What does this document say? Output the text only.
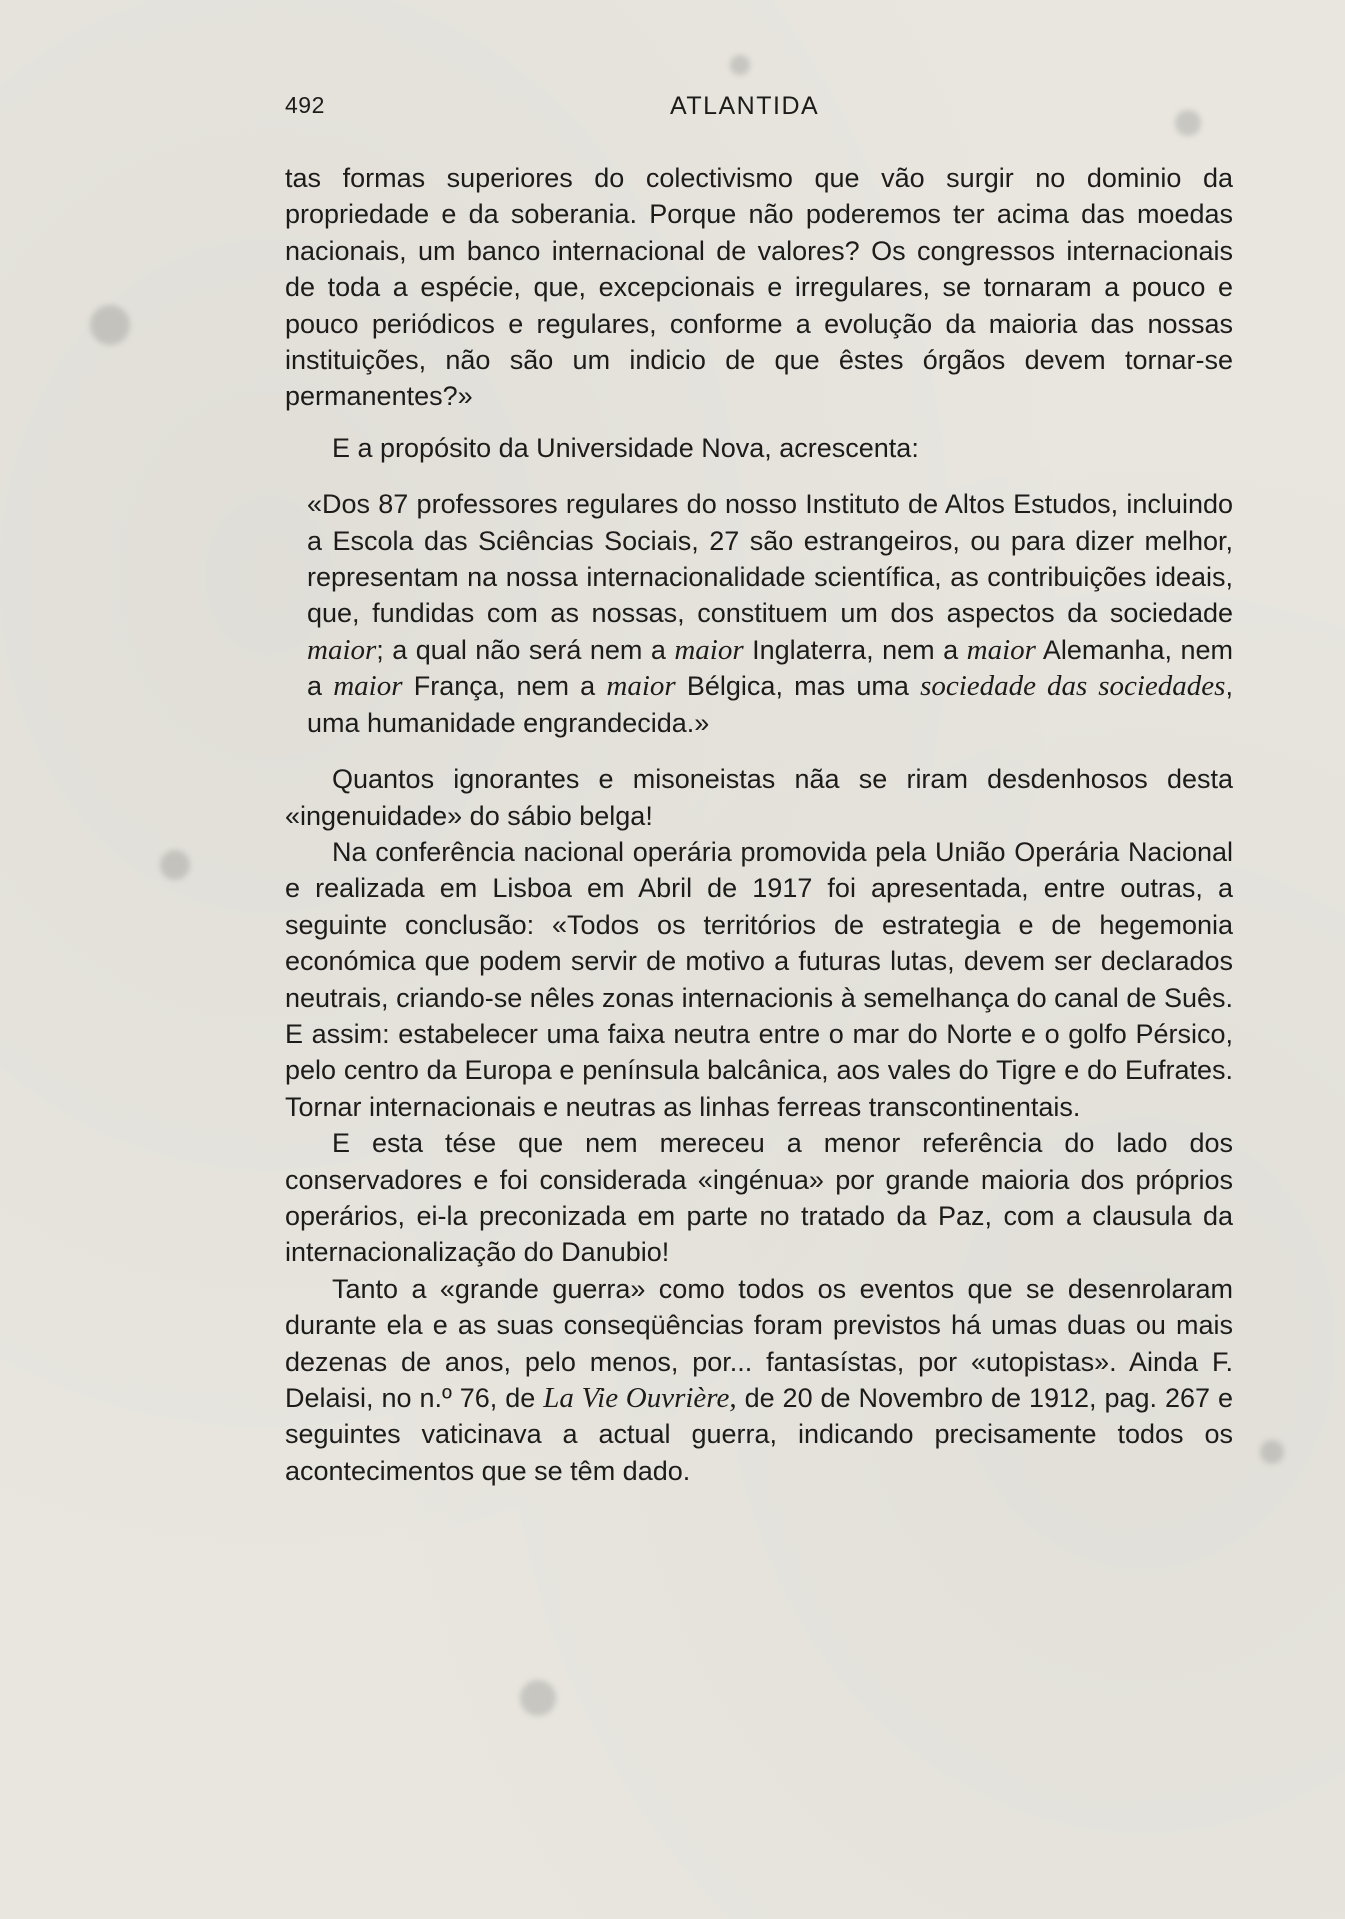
492	ATLANTIDA

tas formas superiores do colectivismo que vão surgir no dominio da propriedade e da soberania. Porque não poderemos ter acima das moedas nacionais, um banco internacional de valores? Os congressos internacionais de toda a espécie, que, excepcionais e irregulares, se tornaram a pouco e pouco periódicos e regulares, conforme a evolução da maioria das nossas instituições, não são um indicio de que êstes órgãos devem tornar-se permanentes?»

E a propósito da Universidade Nova, acrescenta:

«Dos 87 professores regulares do nosso Instituto de Altos Estudos, incluindo a Escola das Sciências Sociais, 27 são estrangeiros, ou para dizer melhor, representam na nossa internacionalidade scientífica, as contribuições ideais, que, fundidas com as nossas, constituem um dos aspectos da sociedade maior; a qual não será nem a maior Inglaterra, nem a maior Alemanha, nem a maior França, nem a maior Bélgica, mas uma sociedade das sociedades, uma humanidade engrandecida.»

Quantos ignorantes e misoneistas nãa se riram desdenhosos desta «ingenuidade» do sábio belga!

Na conferência nacional operária promovida pela União Operária Nacional e realizada em Lisboa em Abril de 1917 foi apresentada, entre outras, a seguinte conclusão: «Todos os territórios de estrategia e de hegemonia económica que podem servir de motivo a futuras lutas, devem ser declarados neutrais, criando-se nêles zonas internacionis à semelhança do canal de Suês. E assim: estabelecer uma faixa neutra entre o mar do Norte e o golfo Pérsico, pelo centro da Europa e península balcânica, aos vales do Tigre e do Eufrates. Tornar internacionais e neutras as linhas ferreas transcontinentais.

E esta tése que nem mereceu a menor referência do lado dos conservadores e foi considerada «ingénua» por grande maioria dos próprios operários, ei-la preconizada em parte no tratado da Paz, com a clausula da internacionalização do Danubio!

Tanto a «grande guerra» como todos os eventos que se desenrolaram durante ela e as suas conseqüências foram previstos há umas duas ou mais dezenas de anos, pelo menos, por... fantasístas, por «utopistas». Ainda F. Delaisi, no n.º 76, de La Vie Ouvrière, de 20 de Novembro de 1912, pag. 267 e seguintes vaticinava a actual guerra, indicando precisamente todos os acontecimentos que se têm dado.
